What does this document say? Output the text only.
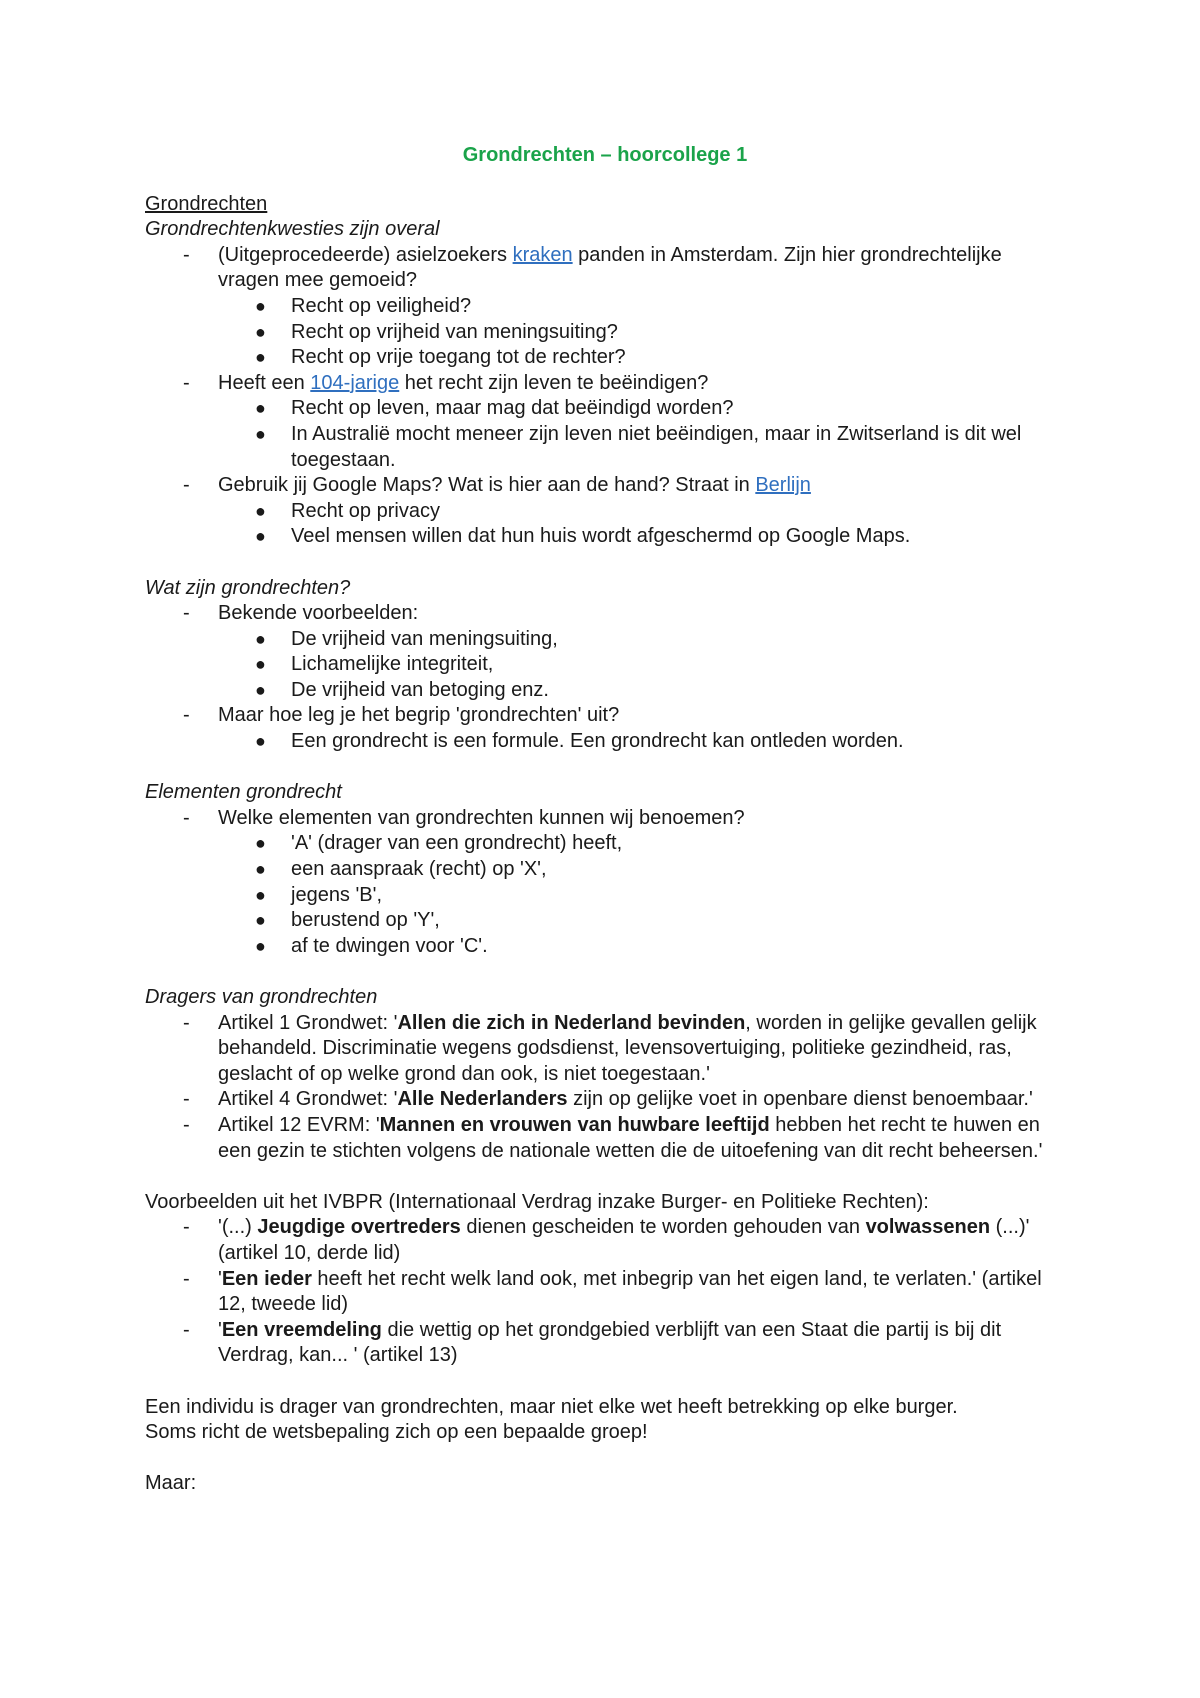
Grondrechten – hoorcollege 1

Grondrechten

Grondrechtenkwesties zijn overal

- (Uitgeprocedeerde) asielzoekers kraken panden in Amsterdam. Zijn hier grondrechtelijke vragen mee gemoeid?
● Recht op veiligheid?
● Recht op vrijheid van meningsuiting?
● Recht op vrije toegang tot de rechter?
- Heeft een 104-jarige het recht zijn leven te beëindigen?
● Recht op leven, maar mag dat beëindigd worden?
● In Australië mocht meneer zijn leven niet beëindigen, maar in Zwitserland is dit wel toegestaan.
- Gebruik jij Google Maps? Wat is hier aan de hand? Straat in Berlijn
● Recht op privacy
● Veel mensen willen dat hun huis wordt afgeschermd op Google Maps.

Wat zijn grondrechten?

- Bekende voorbeelden:
● De vrijheid van meningsuiting,
● Lichamelijke integriteit,
● De vrijheid van betoging enz.
- Maar hoe leg je het begrip 'grondrechten' uit?
● Een grondrecht is een formule. Een grondrecht kan ontleden worden.

Elementen grondrecht

- Welke elementen van grondrechten kunnen wij benoemen?
● 'A' (drager van een grondrecht) heeft,
● een aanspraak (recht) op 'X',
● jegens 'B',
● berustend op 'Y',
● af te dwingen voor 'C'.

Dragers van grondrechten

- Artikel 1 Grondwet: 'Allen die zich in Nederland bevinden, worden in gelijke gevallen gelijk behandeld. Discriminatie wegens godsdienst, levensovertuiging, politieke gezindheid, ras, geslacht of op welke grond dan ook, is niet toegestaan.'
- Artikel 4 Grondwet: 'Alle Nederlanders zijn op gelijke voet in openbare dienst benoembaar.'
- Artikel 12 EVRM: 'Mannen en vrouwen van huwbare leeftijd hebben het recht te huwen en een gezin te stichten volgens de nationale wetten die de uitoefening van dit recht beheersen.'

Voorbeelden uit het IVBPR (Internationaal Verdrag inzake Burger- en Politieke Rechten):

- '(...) Jeugdige overtreders dienen gescheiden te worden gehouden van volwassenen (...)' (artikel 10, derde lid)
- 'Een ieder heeft het recht welk land ook, met inbegrip van het eigen land, te verlaten.' (artikel 12, tweede lid)
- 'Een vreemdeling die wettig op het grondgebied verblijft van een Staat die partij is bij dit Verdrag, kan... ' (artikel 13)

Een individu is drager van grondrechten, maar niet elke wet heeft betrekking op elke burger.

Soms richt de wetsbepaling zich op een bepaalde groep!

Maar:
